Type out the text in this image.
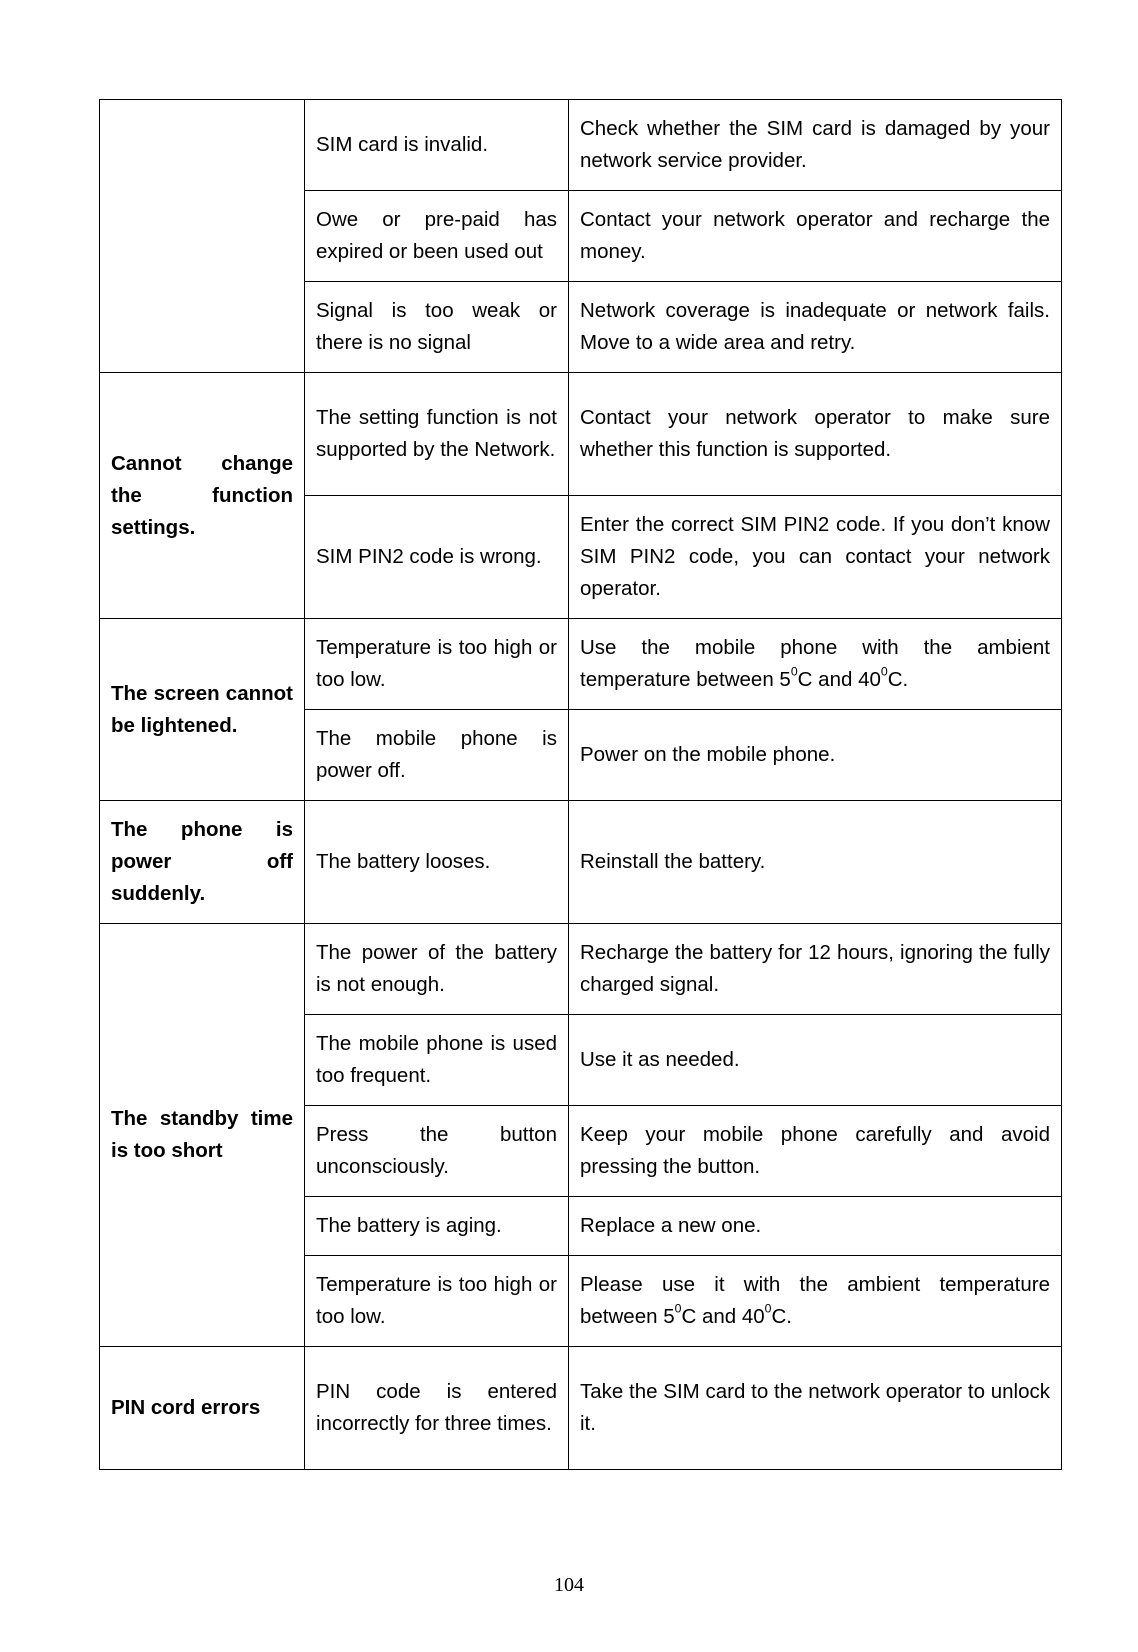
	SIM card is invalid.	Check whether the SIM card is damaged by your network service provider.
	Owe or pre-paid has expired or been used out	Contact your network operator and recharge the money.
	Signal is too weak or there is no signal	Network coverage is inadequate or network fails. Move to a wide area and retry.
Cannot change the function settings.	The setting function is not supported by the Network.	Contact your network operator to make sure whether this function is supported.
	SIM PIN2 code is wrong.	Enter the correct SIM PIN2 code. If you don’t know SIM PIN2 code, you can contact your network operator.
The screen cannot be lightened.	Temperature is too high or too low.	Use the mobile phone with the ambient temperature between $5^0C$ and $40^0C$.
	The mobile phone is power off.	Power on the mobile phone.
The phone is power off suddenly.	The battery looses.	Reinstall the battery.
The standby time is too short	The power of the battery is not enough.	Recharge the battery for 12 hours, ignoring the fully charged signal.
	The mobile phone is used too frequent.	Use it as needed.
	Press the button unconsciously.	Keep your mobile phone carefully and avoid pressing the button.
	The battery is aging.	Replace a new one.
	Temperature is too high or too low.	Please use it with the ambient temperature between $5^0C$ and $40^0C$.
PIN cord errors	PIN code is entered incorrectly for three times.	Take the SIM card to the network operator to unlock it.
104
